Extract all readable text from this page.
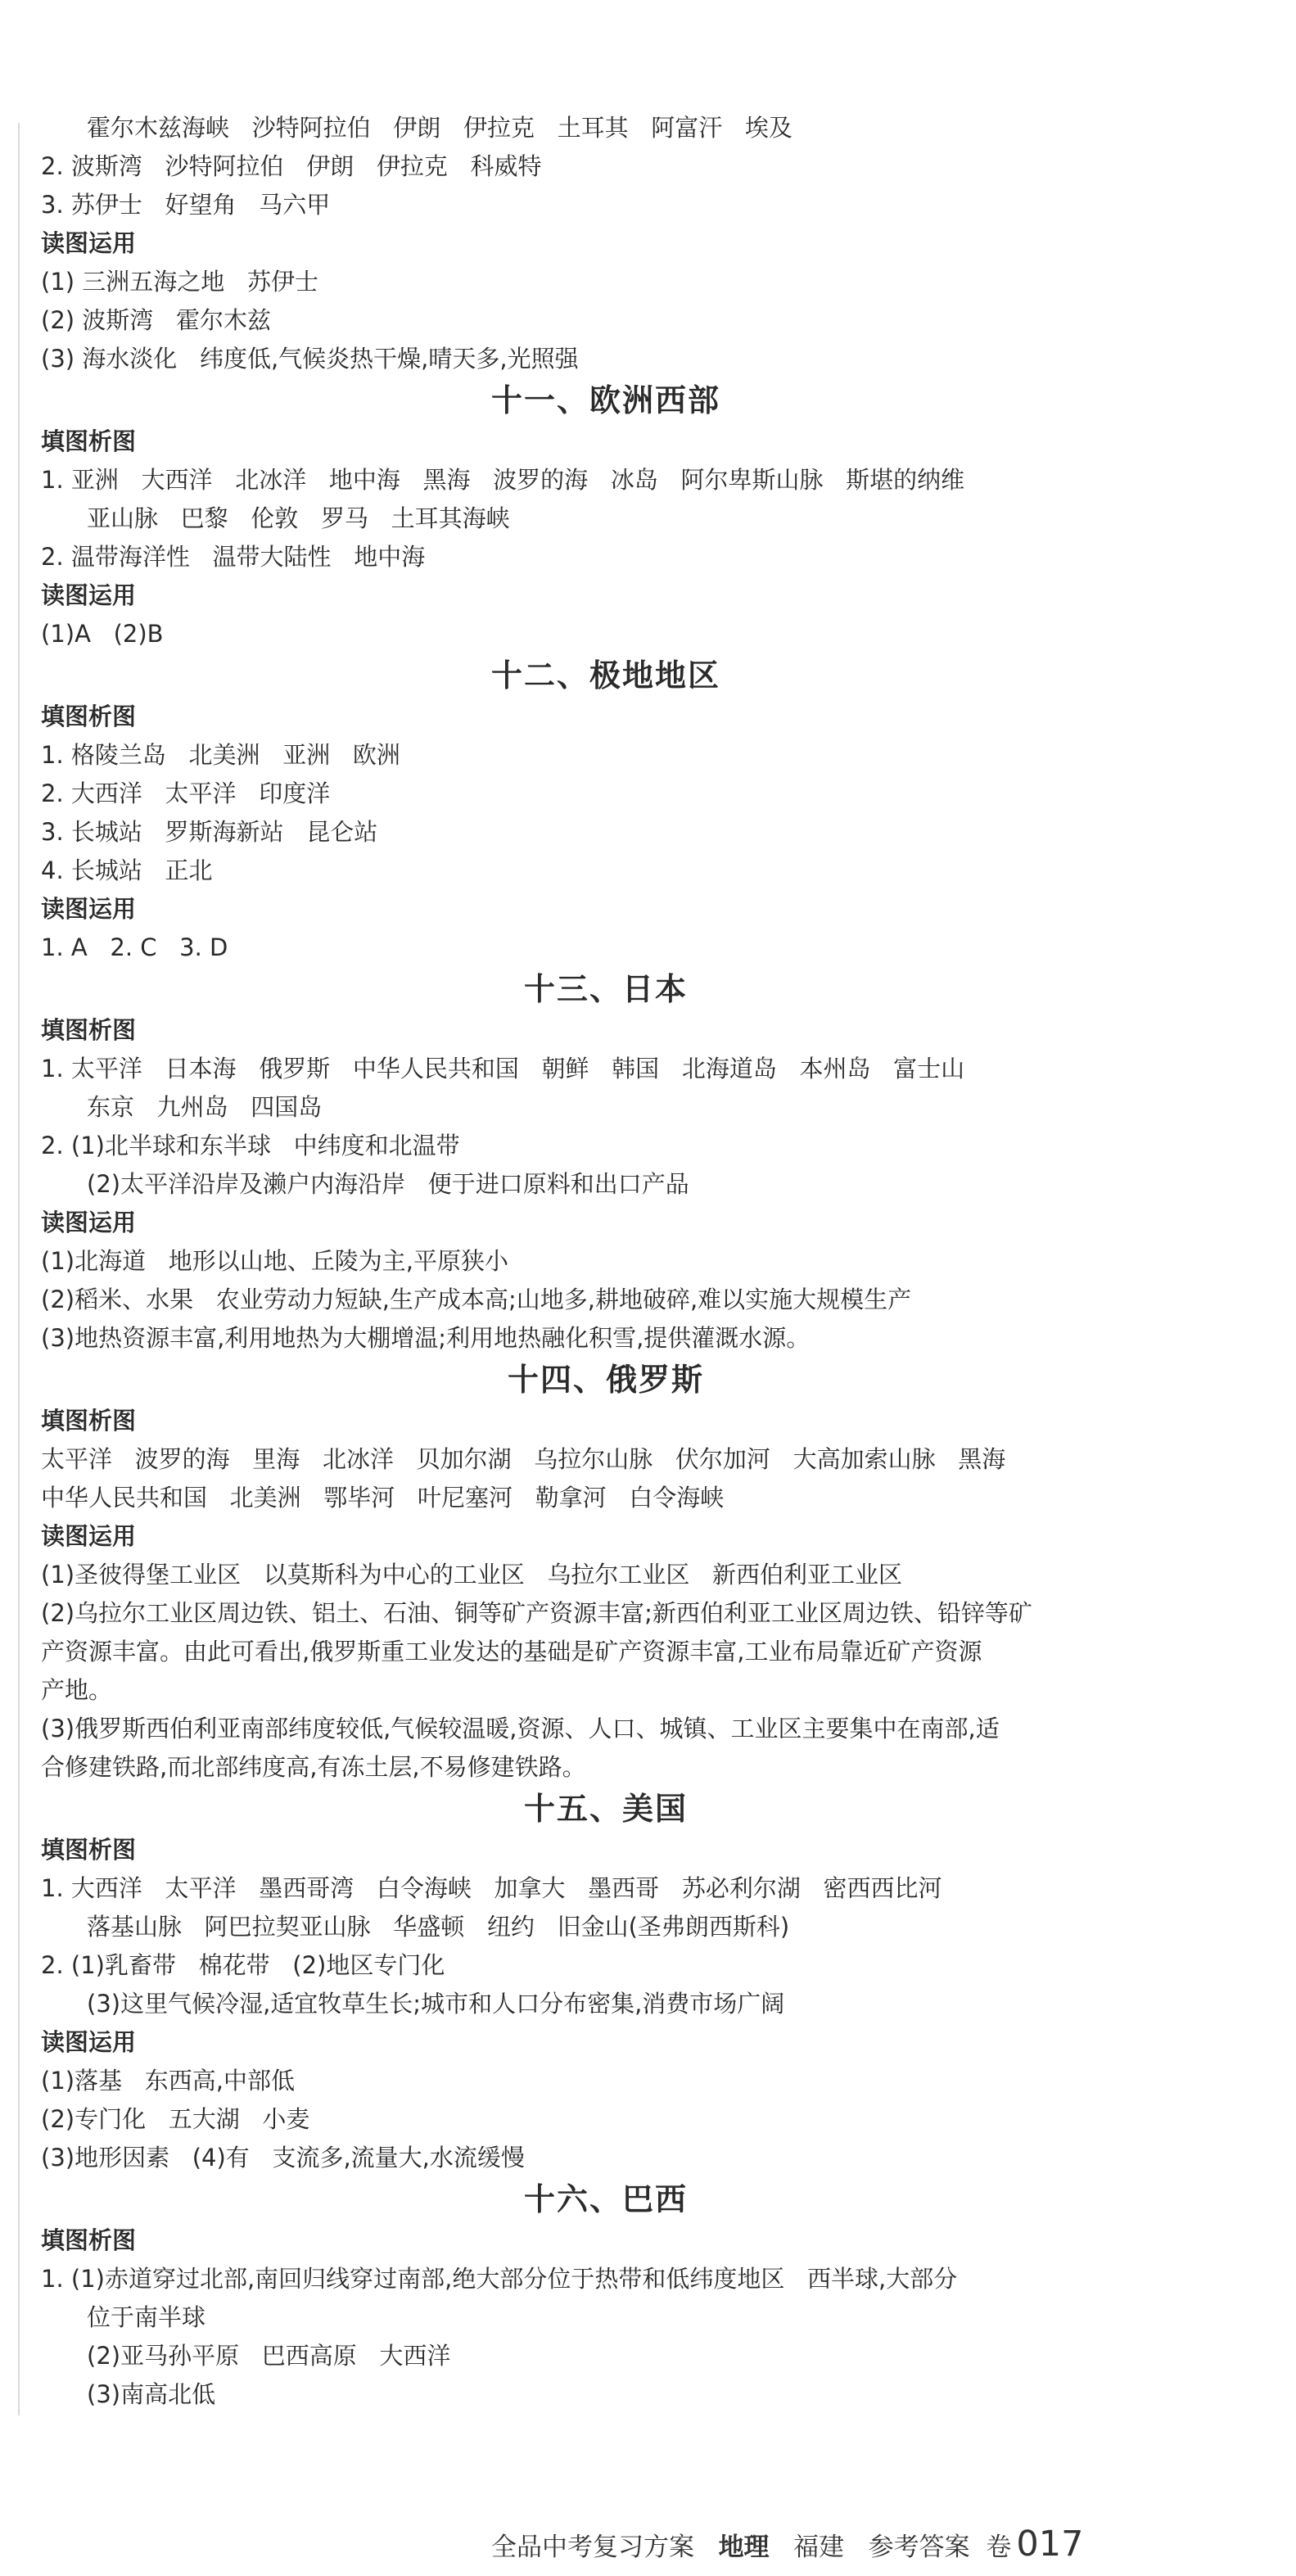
霍尔木兹海峡   沙特阿拉伯   伊朗   伊拉克   土耳其   阿富汗   埃及
2. 波斯湾   沙特阿拉伯   伊朗   伊拉克   科威特
3. 苏伊士   好望角   马六甲
读图运用
(1) 三洲五海之地   苏伊士
(2) 波斯湾   霍尔木兹
(3) 海水淡化   纬度低,气候炎热干燥,晴天多,光照强
十一、欧洲西部
填图析图
1. 亚洲   大西洋   北冰洋   地中海   黑海   波罗的海   冰岛   阿尔卑斯山脉   斯堪的纳维
亚山脉   巴黎   伦敦   罗马   土耳其海峡
2. 温带海洋性   温带大陆性   地中海
读图运用
(1)A   (2)B
十二、极地地区
填图析图
1. 格陵兰岛   北美洲   亚洲   欧洲
2. 大西洋   太平洋   印度洋
3. 长城站   罗斯海新站   昆仑站
4. 长城站   正北
读图运用
1. A   2. C   3. D
十三、日本
填图析图
1. 太平洋   日本海   俄罗斯   中华人民共和国   朝鲜   韩国   北海道岛   本州岛   富士山
东京   九州岛   四国岛
2. (1)北半球和东半球   中纬度和北温带
(2)太平洋沿岸及濑户内海沿岸   便于进口原料和出口产品
读图运用
(1)北海道   地形以山地、丘陵为主,平原狭小
(2)稻米、水果   农业劳动力短缺,生产成本高;山地多,耕地破碎,难以实施大规模生产
(3)地热资源丰富,利用地热为大棚增温;利用地热融化积雪,提供灌溉水源。
十四、俄罗斯
填图析图
太平洋   波罗的海   里海   北冰洋   贝加尔湖   乌拉尔山脉   伏尔加河   大高加索山脉   黑海
中华人民共和国   北美洲   鄂毕河   叶尼塞河   勒拿河   白令海峡
读图运用
(1)圣彼得堡工业区   以莫斯科为中心的工业区   乌拉尔工业区   新西伯利亚工业区
(2)乌拉尔工业区周边铁、铝土、石油、铜等矿产资源丰富;新西伯利亚工业区周边铁、铅锌等矿
产资源丰富。由此可看出,俄罗斯重工业发达的基础是矿产资源丰富,工业布局靠近矿产资源
产地。
(3)俄罗斯西伯利亚南部纬度较低,气候较温暖,资源、人口、城镇、工业区主要集中在南部,适
合修建铁路,而北部纬度高,有冻土层,不易修建铁路。
十五、美国
填图析图
1. 大西洋   太平洋   墨西哥湾   白令海峡   加拿大   墨西哥   苏必利尔湖   密西西比河
落基山脉   阿巴拉契亚山脉   华盛顿   纽约   旧金山(圣弗朗西斯科)
2. (1)乳畜带   棉花带   (2)地区专门化
(3)这里气候冷湿,适宜牧草生长;城市和人口分布密集,消费市场广阔
读图运用
(1)落基   东西高,中部低
(2)专门化   五大湖   小麦
(3)地形因素   (4)有   支流多,流量大,水流缓慢
十六、巴西
填图析图
1. (1)赤道穿过北部,南回归线穿过南部,绝大部分位于热带和低纬度地区   西半球,大部分
位于南半球
(2)亚马孙平原   巴西高原   大西洋
(3)南高北低
全品中考复习方案 地理 福建 参考答案 卷 017
